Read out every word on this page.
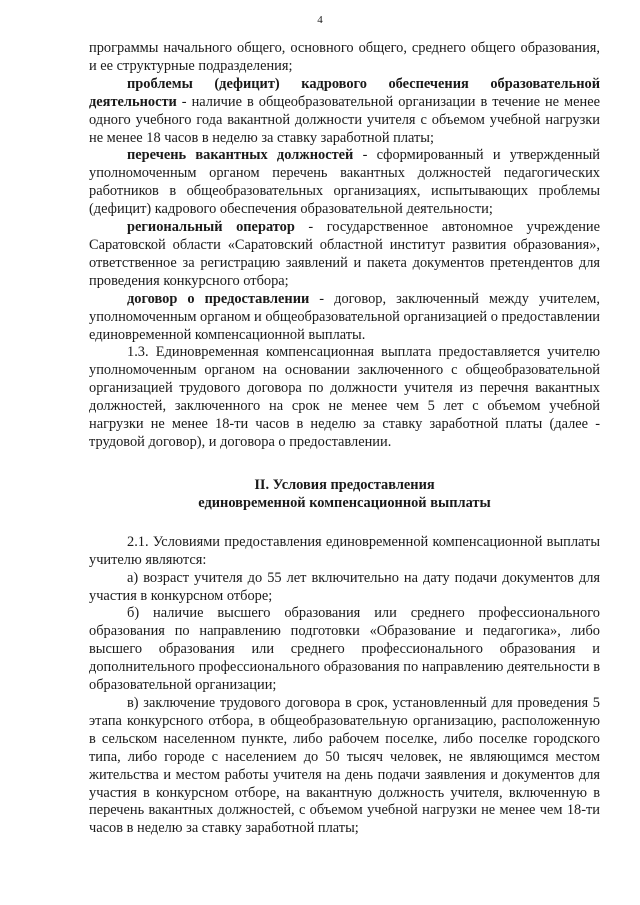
4

программы начального общего, основного общего, среднего общего образования, и ее структурные подразделения;

проблемы (дефицит) кадрового обеспечения образовательной деятельности - наличие в общеобразовательной организации в течение не менее одного учебного года вакантной должности учителя с объемом учебной нагрузки не менее 18 часов в неделю за ставку заработной платы;

перечень вакантных должностей - сформированный и утвержденный уполномоченным органом перечень вакантных должностей педагогических работников в общеобразовательных организациях, испытывающих проблемы (дефицит) кадрового обеспечения образовательной деятельности;

региональный оператор - государственное автономное учреждение Саратовской области «Саратовский областной институт развития образования», ответственное за регистрацию заявлений и пакета документов претендентов для проведения конкурсного отбора;

договор о предоставлении - договор, заключенный между учителем, уполномоченным органом и общеобразовательной организацией о предоставлении единовременной компенсационной выплаты.

1.3. Единовременная компенсационная выплата предоставляется учителю уполномоченным органом на основании заключенного с общеобразовательной организацией трудового договора по должности учителя из перечня вакантных должностей, заключенного на срок не менее чем 5 лет с объемом учебной нагрузки не менее 18-ти часов в неделю за ставку заработной платы (далее - трудовой договор), и договора о предоставлении.

II. Условия предоставления
единовременной компенсационной выплаты

2.1. Условиями предоставления единовременной компенсационной выплаты учителю являются:

а) возраст учителя до 55 лет включительно на дату подачи документов для участия в конкурсном отборе;

б) наличие высшего образования или среднего профессионального образования по направлению подготовки «Образование и педагогика», либо высшего образования или среднего профессионального образования и дополнительного профессионального образования по направлению деятельности в образовательной организации;

в) заключение трудового договора в срок, установленный для проведения 5 этапа конкурсного отбора, в общеобразовательную организацию, расположенную в сельском населенном пункте, либо рабочем поселке, либо поселке городского типа, либо городе с населением до 50 тысяч человек, не являющимся местом жительства и местом работы учителя на день подачи заявления и документов для участия в конкурсном отборе, на вакантную должность учителя, включенную в перечень вакантных должностей, с объемом учебной нагрузки не менее чем 18-ти часов в неделю за ставку заработной платы;
